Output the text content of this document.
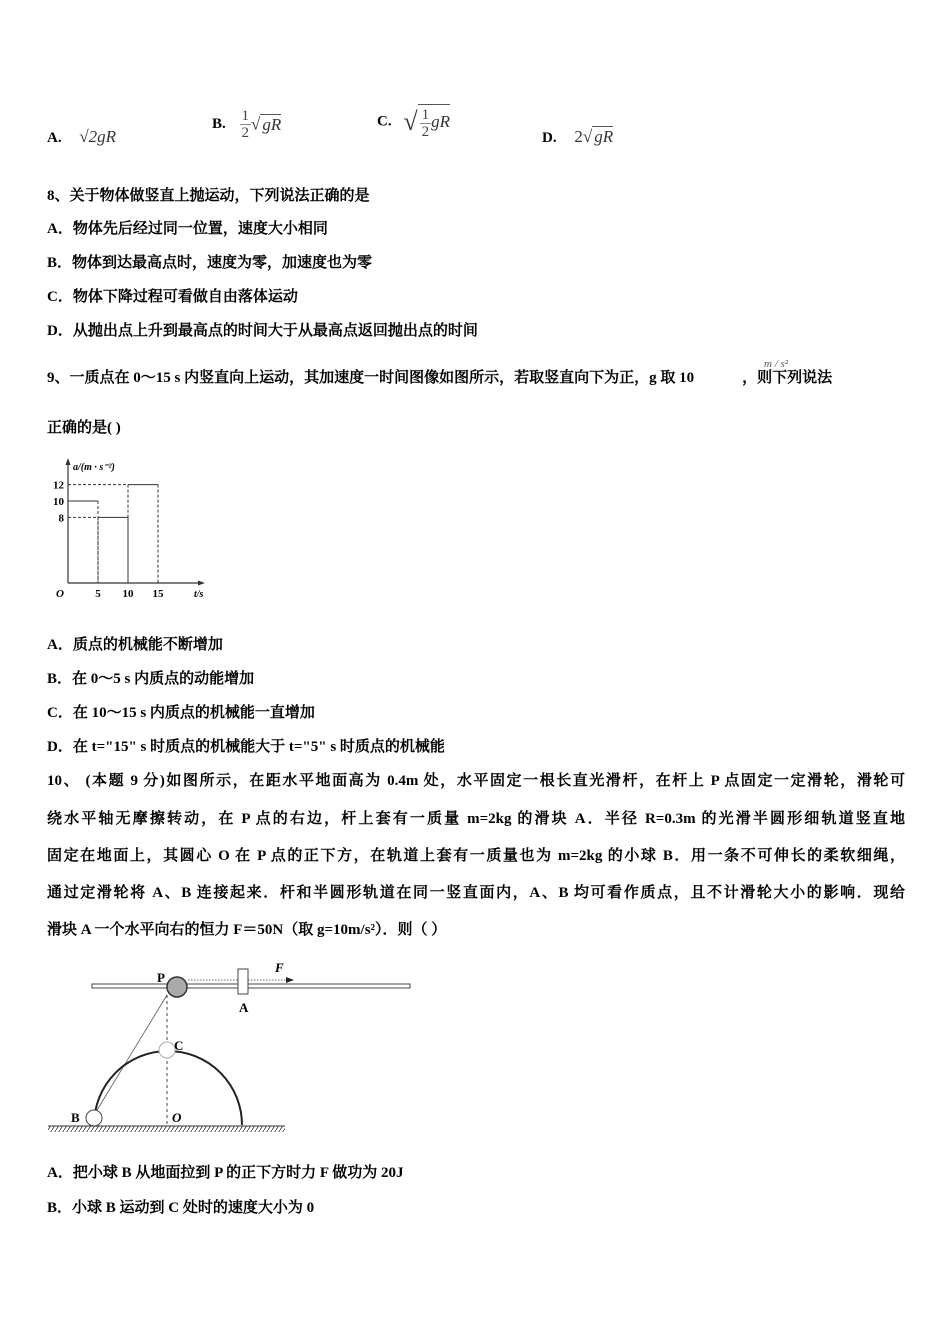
A. √2gR
B. $\frac{1}{2}$ √ gR	C. √ $\frac{1}{2}$ gR
D. 2√ gR
8、关于物体做竖直上抛运动，下列说法正确的是
A．物体先后经过同一位置，速度大小相同
B．物体到达最高点时，速度为零，加速度也为零
C．物体下降过程可看做自由落体运动
D．从抛出点上升到最高点的时间大于从最高点返回抛出点的时间
9、一质点在 0～15 s 内竖直向上运动，其加速度一时间图像如图所示，若取竖直向下为正，g 取 10	，则下列说法
m / s²
正确的是( )
8
10
12
5 10 15
O	t/s
a/(m · s⁻²)
A．质点的机械能不断增加
B．在 0～5 s 内质点的动能增加
C．在 10～15 s 内质点的机械能一直增加
D．在 t="15" s 时质点的机械能大于 t="5" s 时质点的机械能
10、 (本题 9 分)如图所示，在距水平地面高为 0.4m 处，水平固定一根长直光滑杆，在杆上 P 点固定一定滑轮，滑轮可
绕水平轴无摩擦转动，在 P 点的右边，杆上套有一质量 m=2kg 的滑块 A．半径 R=0.3m 的光滑半圆形细轨道竖直地
固定在地面上，其圆心 O 在 P 点的正下方，在轨道上套有一质量也为 m=2kg 的小球 B．用一条不可伸长的柔软细绳，
通过定滑轮将 A、B 连接起来．杆和半圆形轨道在同一竖直面内，A、B 均可看作质点，且不计滑轮大小的影响．现给
滑块 A 一个水平向右的恒力 F＝50N（取 g=10m/s²）．则（ ）
P
A
F
C
B	O
A．把小球 B 从地面拉到 P 的正下方时力 F 做功为 20J
B．小球 B 运动到 C 处时的速度大小为 0
